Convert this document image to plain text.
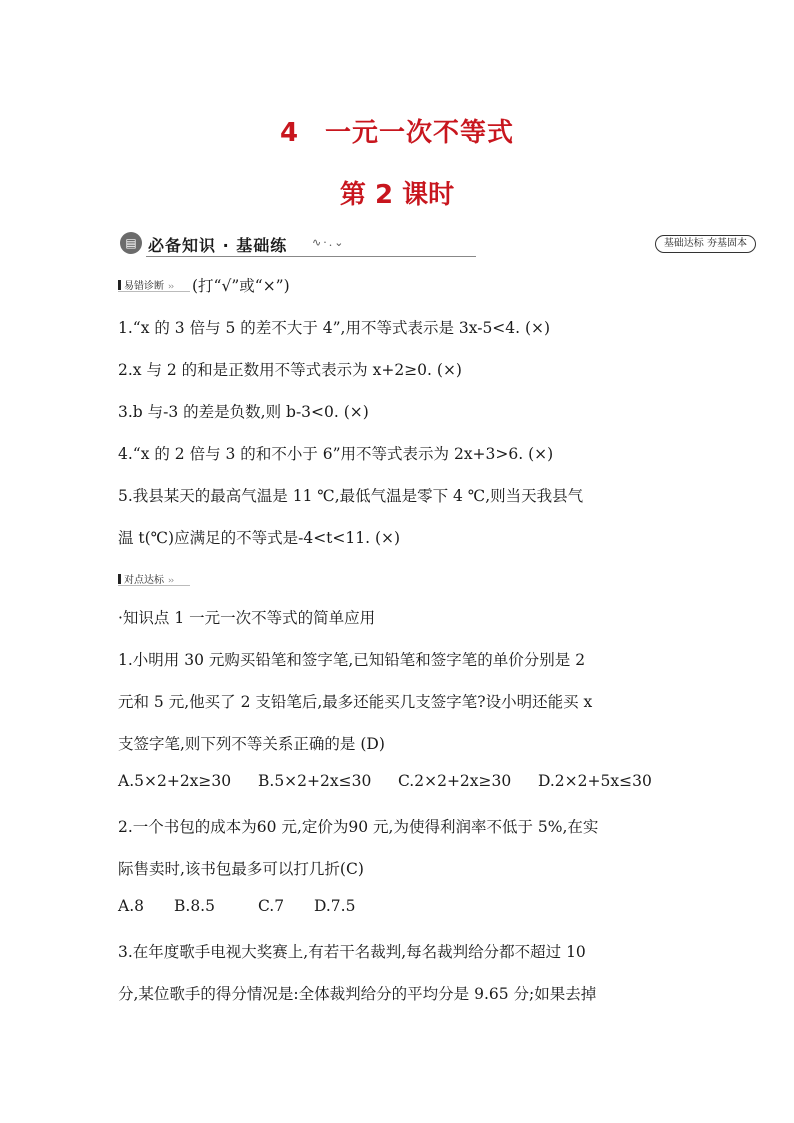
4 一元一次不等式
第 2 课时
▤ 必备知识 · 基础练 ∿·.⌄	基础达标 夯基固本
易错诊断 ›› (打“√”或“×”)
1.“x 的 3 倍与 5 的差不大于 4”,用不等式表示是 3x-5<4. (×)
2.x 与 2 的和是正数用不等式表示为 x+2≥0. (×)
3.b 与-3 的差是负数,则 b-3<0. (×)
4.“x 的 2 倍与 3 的和不小于 6”用不等式表示为 2x+3>6. (×)
5.我县某天的最高气温是 11 ℃,最低气温是零下 4 ℃,则当天我县气
温 t(℃)应满足的不等式是-4<t<11. (×)
对点达标 ››
·知识点 1 一元一次不等式的简单应用
1.小明用 30 元购买铅笔和签字笔,已知铅笔和签字笔的单价分别是 2
元和 5 元,他买了 2 支铅笔后,最多还能买几支签字笔?设小明还能买 x
支签字笔,则下列不等关系正确的是 (D)
A.5×2+2x≥30 B.5×2+2x≤30 C.2×2+2x≥30 D.2×2+5x≤30
2.一个书包的成本为60 元,定价为90 元,为使得利润率不低于 5%,在实
际售卖时,该书包最多可以打几折(C)
A.8 B.8.5	C.7 D.7.5
3.在年度歌手电视大奖赛上,有若干名裁判,每名裁判给分都不超过 10
分,某位歌手的得分情况是:全体裁判给分的平均分是 9.65 分;如果去掉
